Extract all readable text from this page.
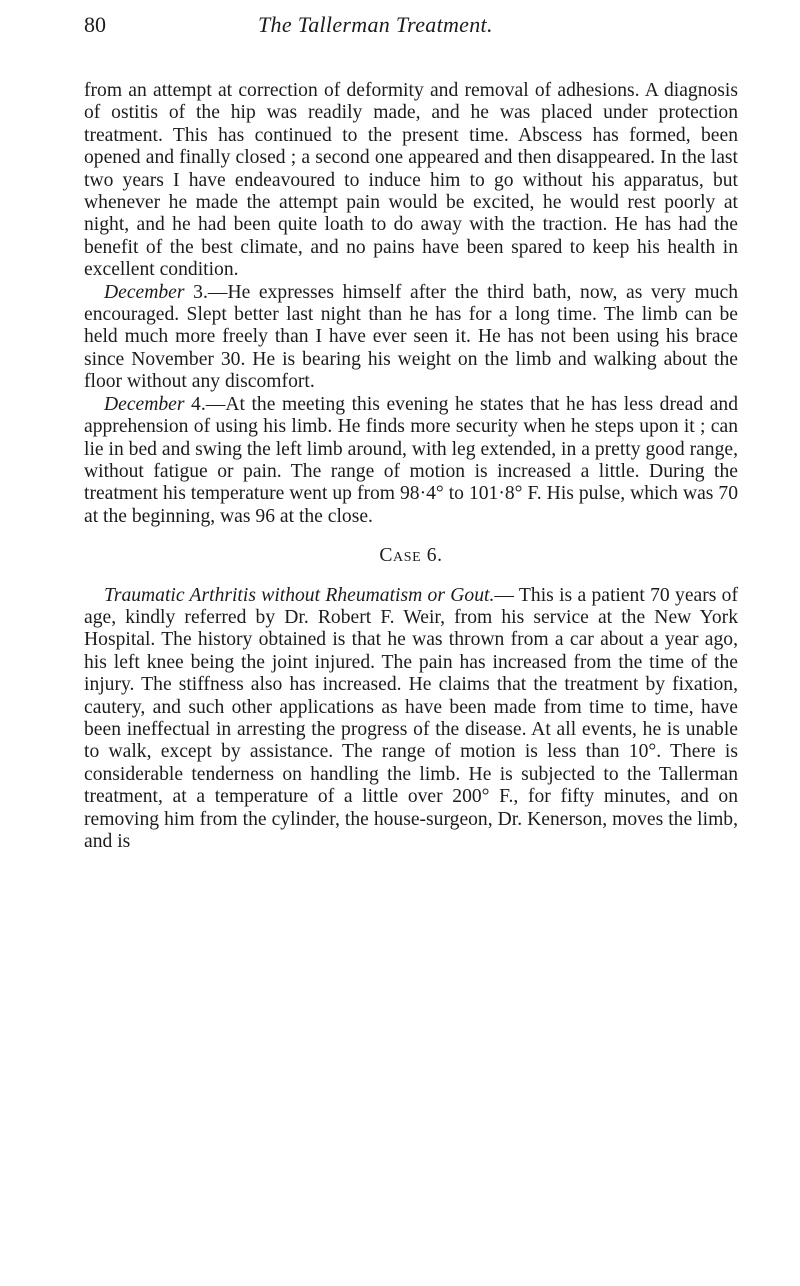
80	The Tallerman Treatment.

from an attempt at correction of deformity and removal of adhesions. A diagnosis of ostitis of the hip was readily made, and he was placed under protection treatment. This has continued to the present time. Abscess has formed, been opened and finally closed ; a second one appeared and then disappeared. In the last two years I have endeavoured to induce him to go without his apparatus, but whenever he made the attempt pain would be excited, he would rest poorly at night, and he had been quite loath to do away with the traction. He has had the benefit of the best climate, and no pains have been spared to keep his health in excellent condition.

December 3.—He expresses himself after the third bath, now, as very much encouraged. Slept better last night than he has for a long time. The limb can be held much more freely than I have ever seen it. He has not been using his brace since November 30. He is bearing his weight on the limb and walking about the floor without any discomfort.

December 4.—At the meeting this evening he states that he has less dread and apprehension of using his limb. He finds more security when he steps upon it ; can lie in bed and swing the left limb around, with leg extended, in a pretty good range, without fatigue or pain. The range of motion is increased a little. During the treatment his temperature went up from 98·4° to 101·8° F. His pulse, which was 70 at the beginning, was 96 at the close.

Case 6.

Traumatic Arthritis without Rheumatism or Gout.— This is a patient 70 years of age, kindly referred by Dr. Robert F. Weir, from his service at the New York Hospital. The history obtained is that he was thrown from a car about a year ago, his left knee being the joint injured. The pain has increased from the time of the injury. The stiffness also has increased. He claims that the treatment by fixation, cautery, and such other applications as have been made from time to time, have been ineffectual in arresting the progress of the disease. At all events, he is unable to walk, except by assistance. The range of motion is less than 10°. There is considerable tenderness on handling the limb. He is subjected to the Tallerman treatment, at a temperature of a little over 200° F., for fifty minutes, and on removing him from the cylinder, the house-surgeon, Dr. Kenerson, moves the limb, and is
